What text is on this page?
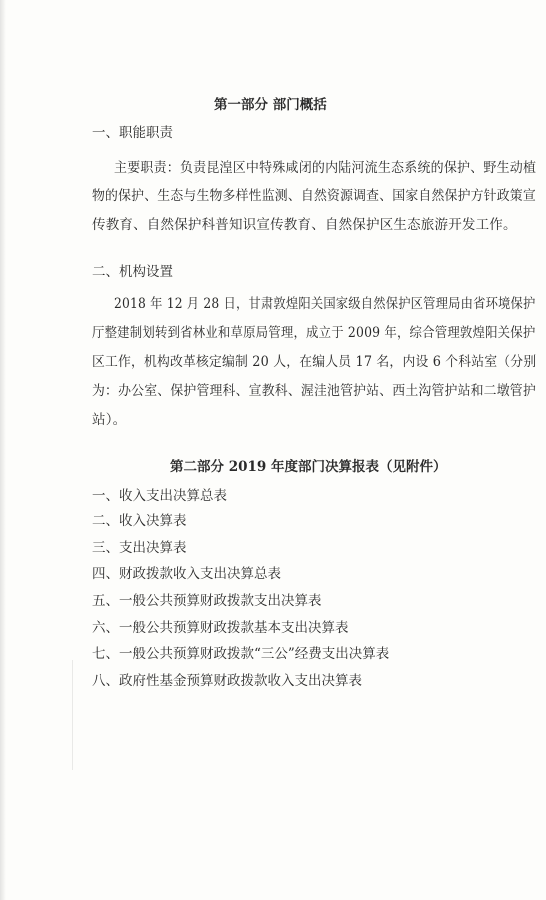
第一部分 部门概括
一、职能职责
主要职责：负责昆湟区中特殊咸闭的内陆河流生态系统的保护、野生动植
物的保护、生态与生物多样性监测、自然资源调查、国家自然保护方针政策宣
传教育、自然保护科普知识宣传教育、自然保护区生态旅游开发工作。
二、机构设置
2018 年 12 月 28 日，甘肃敦煌阳关国家级自然保护区管理局由省环境保护
厅整建制划转到省林业和草原局管理，成立于 2009 年，综合管理敦煌阳关保护
区工作，机构改革核定编制 20 人，在编人员 17 名，内设 6 个科站室（分别
为：办公室、保护管理科、宣教科、渥洼池管护站、西土沟管护站和二墩管护
站）。
第二部分 2019 年度部门决算报表（见附件）
一、收入支出决算总表
二、收入决算表
三、支出决算表
四、财政拨款收入支出决算总表
五、一般公共预算财政拨款支出决算表
六、一般公共预算财政拨款基本支出决算表
七、一般公共预算财政拨款“三公”经费支出决算表
八、政府性基金预算财政拨款收入支出决算表
